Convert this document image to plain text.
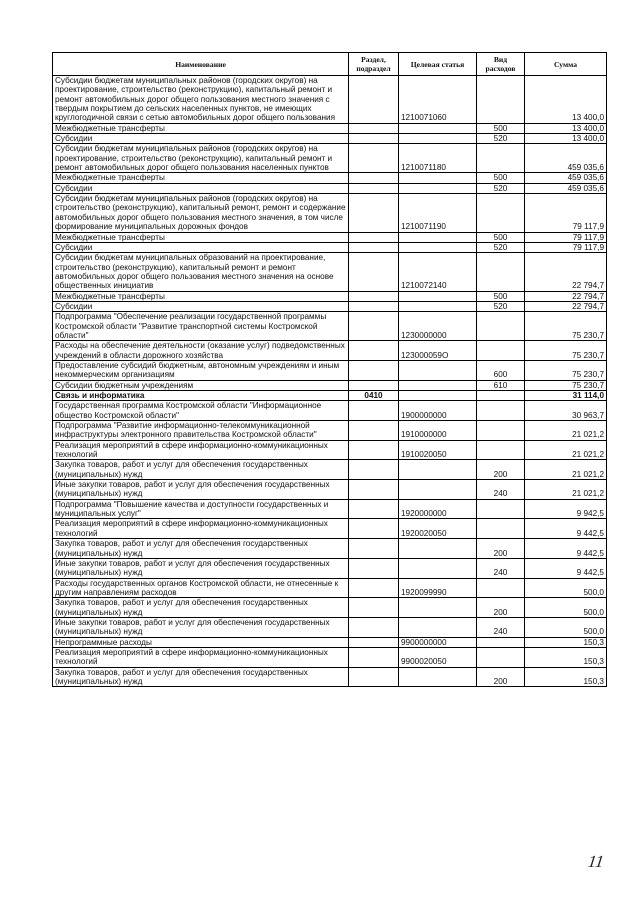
Наименование	Раздел, подраздел	Целевая статья	Вид расходов	Сумма
Субсидии бюджетам муниципальных районов (городских округов) на проектирование, строительство (реконструкцию), капитальный ремонт и ремонт автомобильных дорог общего пользования местного значения с твердым покрытием до сельских населенных пунктов, не имеющих круглогодичной связи с сетью автомобильных дорог общего пользования		1210071060		13 400,0
Межбюджетные трансферты			500	13 400,0
Субсидии			520	13 400,0
Субсидии бюджетам муниципальных районов (городских округов) на проектирование, строительство (реконструкцию), капитальный ремонт и ремонт автомобильных дорог общего пользования населенных пунктов		1210071180		459 035,6
Межбюджетные трансферты			500	459 035,6
Субсидии			520	459 035,6
Субсидии бюджетам муниципальных районов (городских округов) на строительство (реконструкцию), капитальный ремонт, ремонт и содержание автомобильных дорог общего пользования местного значения, в том числе формирование муниципальных дорожных фондов		1210071190		79 117,9
Межбюджетные трансферты			500	79 117,9
Субсидии			520	79 117,9
Субсидии бюджетам муниципальных образований на проектирование, строительство (реконструкцию), капитальный ремонт и ремонт автомобильных дорог общего пользования местного значения на основе общественных инициатив		1210072140		22 794,7
Межбюджетные трансферты			500	22 794,7
Субсидии			520	22 794,7
Подпрограмма "Обеспечение реализации государственной программы Костромской области "Развитие транспортной системы Костромской области"		1230000000		75 230,7
Расходы на обеспечение деятельности (оказание услуг) подведомственных учреждений в области дорожного хозяйства		123000059О		75 230,7
Предоставление субсидий бюджетным, автономным учреждениям и иным некоммерческим организациям			600	75 230,7
Субсидии бюджетным учреждениям			610	75 230,7
Связь и информатика	0410			31 114,0
Государственная программа Костромской области "Информационное общество Костромской области"		1900000000		30 963,7
Подпрограмма "Развитие информационно-телекоммуникационной инфраструктуры электронного правительства Костромской области"		1910000000		21 021,2
Реализация мероприятий в сфере информационно-коммуникационных технологий		1910020050		21 021,2
Закупка товаров, работ и услуг для обеспечения государственных (муниципальных) нужд			200	21 021,2
Иные закупки товаров, работ и услуг для обеспечения государственных (муниципальных) нужд			240	21 021,2
Подпрограмма "Повышение качества и доступности государственных и муниципальных услуг"		1920000000		9 942,5
Реализация мероприятий в сфере информационно-коммуникационных технологий		1920020050		9 442,5
Закупка товаров, работ и услуг для обеспечения государственных (муниципальных) нужд			200	9 442,5
Иные закупки товаров, работ и услуг для обеспечения государственных (муниципальных) нужд			240	9 442,5
Расходы государственных органов Костромской области, не отнесенные к другим направлениям расходов		1920099990		500,0
Закупка товаров, работ и услуг для обеспечения государственных (муниципальных) нужд			200	500,0
Иные закупки товаров, работ и услуг для обеспечения государственных (муниципальных) нужд			240	500,0
Непрограммные расходы		9900000000		150,3
Реализация мероприятий в сфере информационно-коммуникационных технологий		9900020050		150,3
Закупка товаров, работ и услуг для обеспечения государственных (муниципальных) нужд			200	150,3
11
